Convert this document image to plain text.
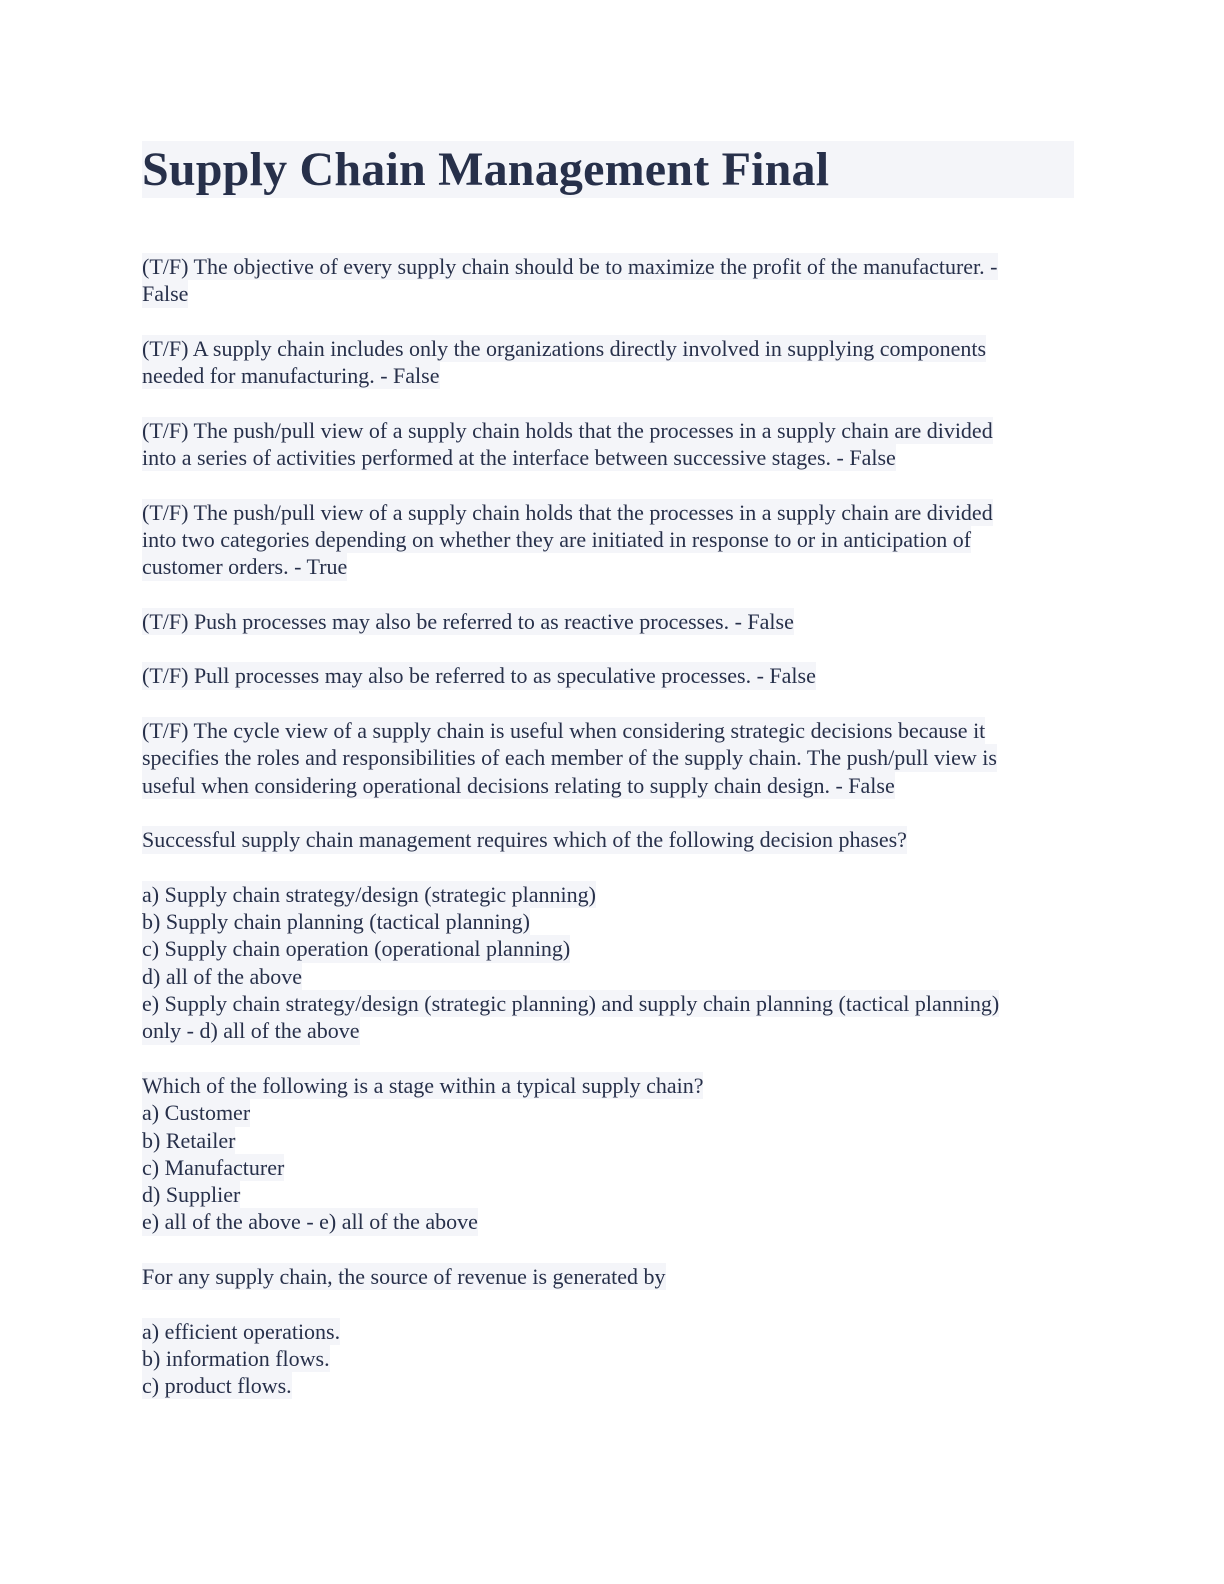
Supply Chain Management Final
(T/F) The objective of every supply chain should be to maximize the profit of the manufacturer. -
False
(T/F) A supply chain includes only the organizations directly involved in supplying components
needed for manufacturing. - False
(T/F) The push/pull view of a supply chain holds that the processes in a supply chain are divided
into a series of activities performed at the interface between successive stages. - False
(T/F) The push/pull view of a supply chain holds that the processes in a supply chain are divided
into two categories depending on whether they are initiated in response to or in anticipation of
customer orders. - True
(T/F) Push processes may also be referred to as reactive processes. - False
(T/F) Pull processes may also be referred to as speculative processes. - False
(T/F) The cycle view of a supply chain is useful when considering strategic decisions because it
specifies the roles and responsibilities of each member of the supply chain. The push/pull view is
useful when considering operational decisions relating to supply chain design. - False
Successful supply chain management requires which of the following decision phases?
a) Supply chain strategy/design (strategic planning)
b) Supply chain planning (tactical planning)
c) Supply chain operation (operational planning)
d) all of the above
e) Supply chain strategy/design (strategic planning) and supply chain planning (tactical planning)
only - d) all of the above
Which of the following is a stage within a typical supply chain?
a) Customer
b) Retailer
c) Manufacturer
d) Supplier
e) all of the above - e) all of the above
For any supply chain, the source of revenue is generated by
a) efficient operations.
b) information flows.
c) product flows.
